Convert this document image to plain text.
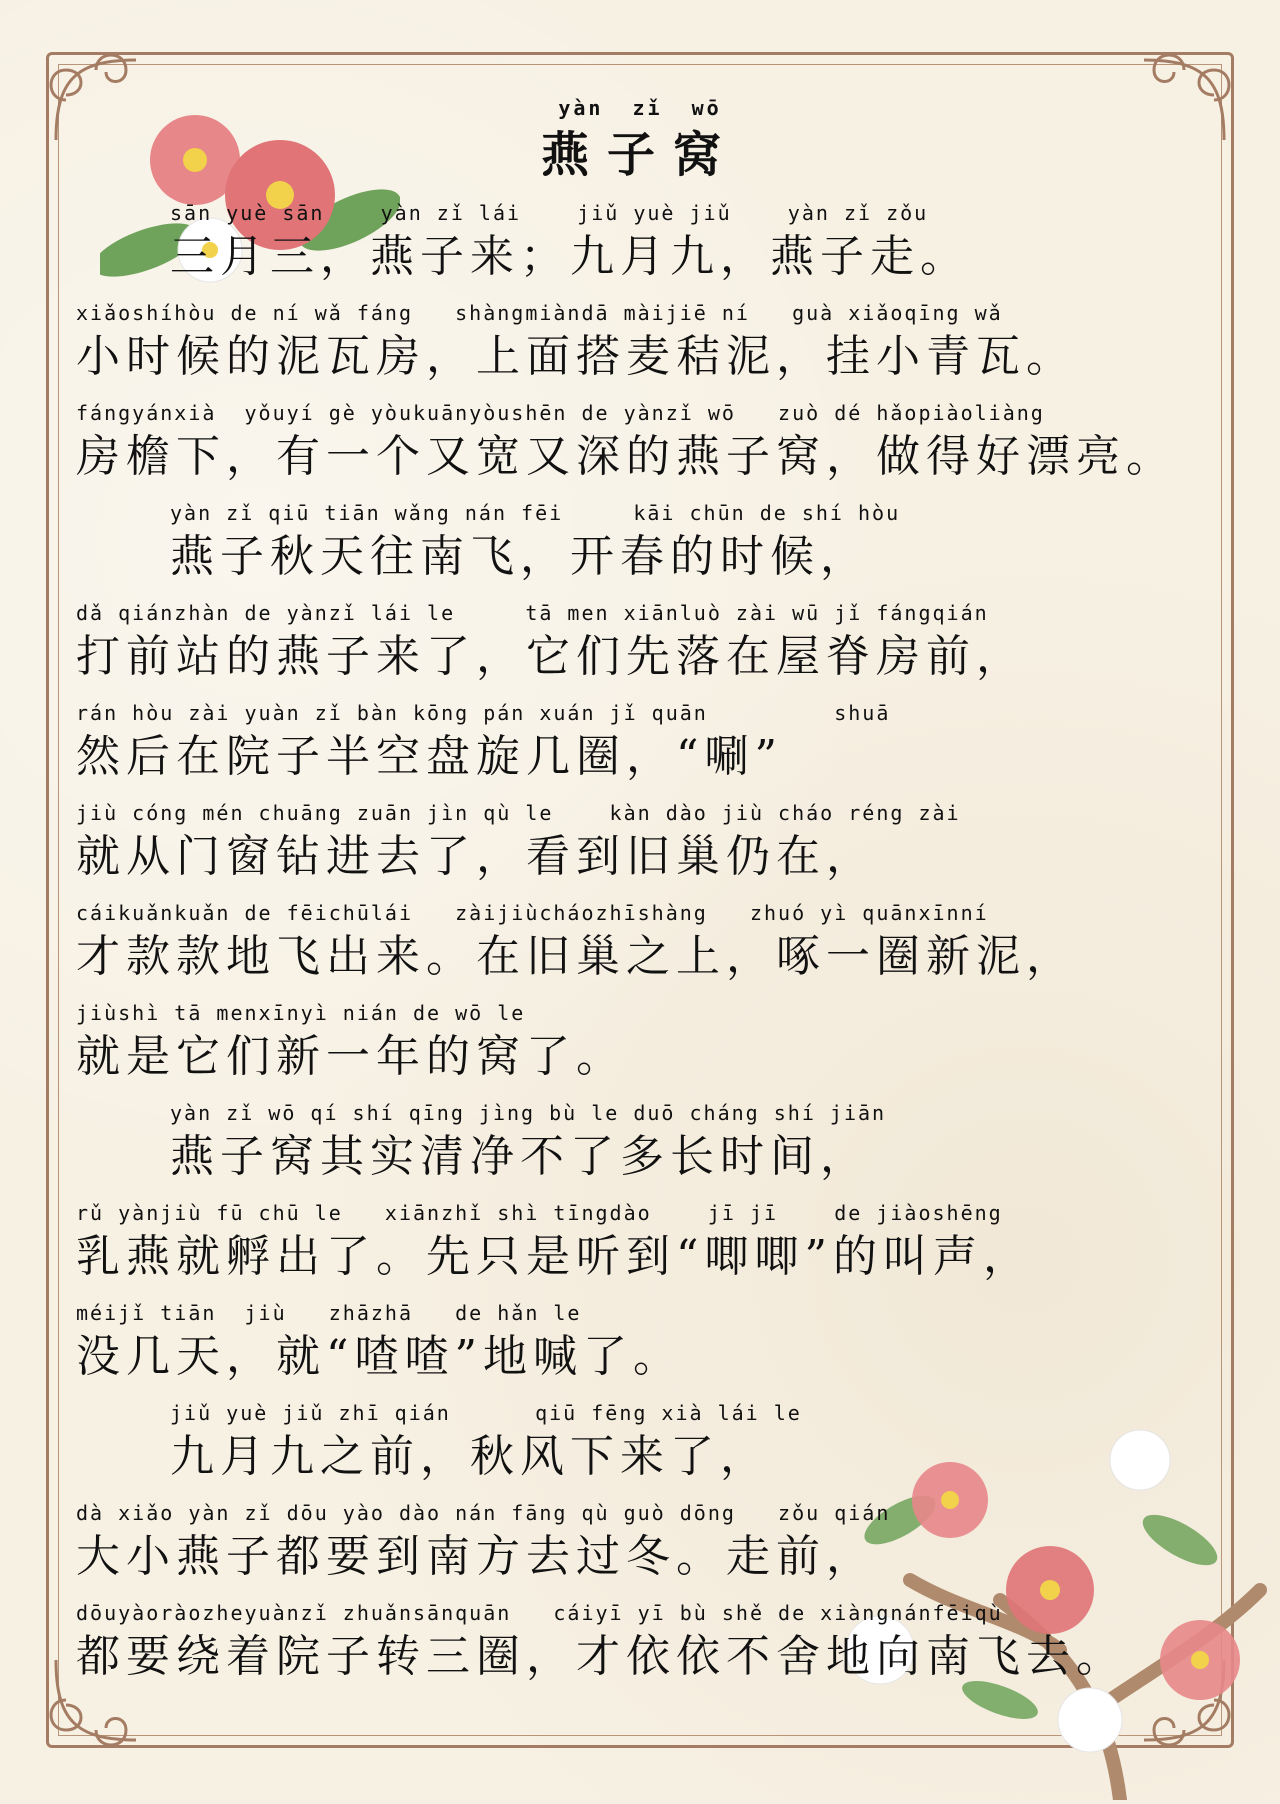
yàn zǐ wō
燕子窝
sān yuè sān    yàn zǐ lái    jiǔ yuè jiǔ    yàn zǐ zǒu
三月三，燕子来；九月九，燕子走。
xiǎoshíhòu de ní wǎ fáng   shàngmiàndā màijiē ní   guà xiǎoqīng wǎ
小时候的泥瓦房，上面搭麦秸泥，挂小青瓦。
fángyánxià  yǒuyí gè yòukuānyòushēn de yànzǐ wō   zuò dé hǎopiàoliàng
房檐下，有一个又宽又深的燕子窝，做得好漂亮。
yàn zǐ qiū tiān wǎng nán fēi     kāi chūn de shí hòu
燕子秋天往南飞，开春的时候，
dǎ qiánzhàn de yànzǐ lái le     tā men xiānluò zài wū jǐ fángqián
打前站的燕子来了，它们先落在屋脊房前，
rán hòu zài yuàn zǐ bàn kōng pán xuán jǐ quān         shuā
然后在院子半空盘旋几圈，“唰”
jiù cóng mén chuāng zuān jìn qù le    kàn dào jiù cháo réng zài
就从门窗钻进去了，看到旧巢仍在，
cáikuǎnkuǎn de fēichūlái   zàijiùcháozhīshàng   zhuó yì quānxīnní
才款款地飞出来。在旧巢之上，啄一圈新泥，
jiùshì tā menxīnyì nián de wō le
就是它们新一年的窝了。
yàn zǐ wō qí shí qīng jìng bù le duō cháng shí jiān
燕子窝其实清净不了多长时间，
rǔ yànjiù fū chū le   xiānzhǐ shì tīngdào    jī jī    de jiàoshēng
乳燕就孵出了。先只是听到“唧唧”的叫声，
méijǐ tiān  jiù   zhāzhā   de hǎn le
没几天，就“喳喳”地喊了。
jiǔ yuè jiǔ zhī qián      qiū fēng xià lái le
九月九之前，秋风下来了，
dà xiǎo yàn zǐ dōu yào dào nán fāng qù guò dōng   zǒu qián
大小燕子都要到南方去过冬。走前，
dōuyàoràozheyuànzǐ zhuǎnsānquān   cáiyī yī bù shě de xiàngnánfēiqù
都要绕着院子转三圈，才依依不舍地向南飞去。
